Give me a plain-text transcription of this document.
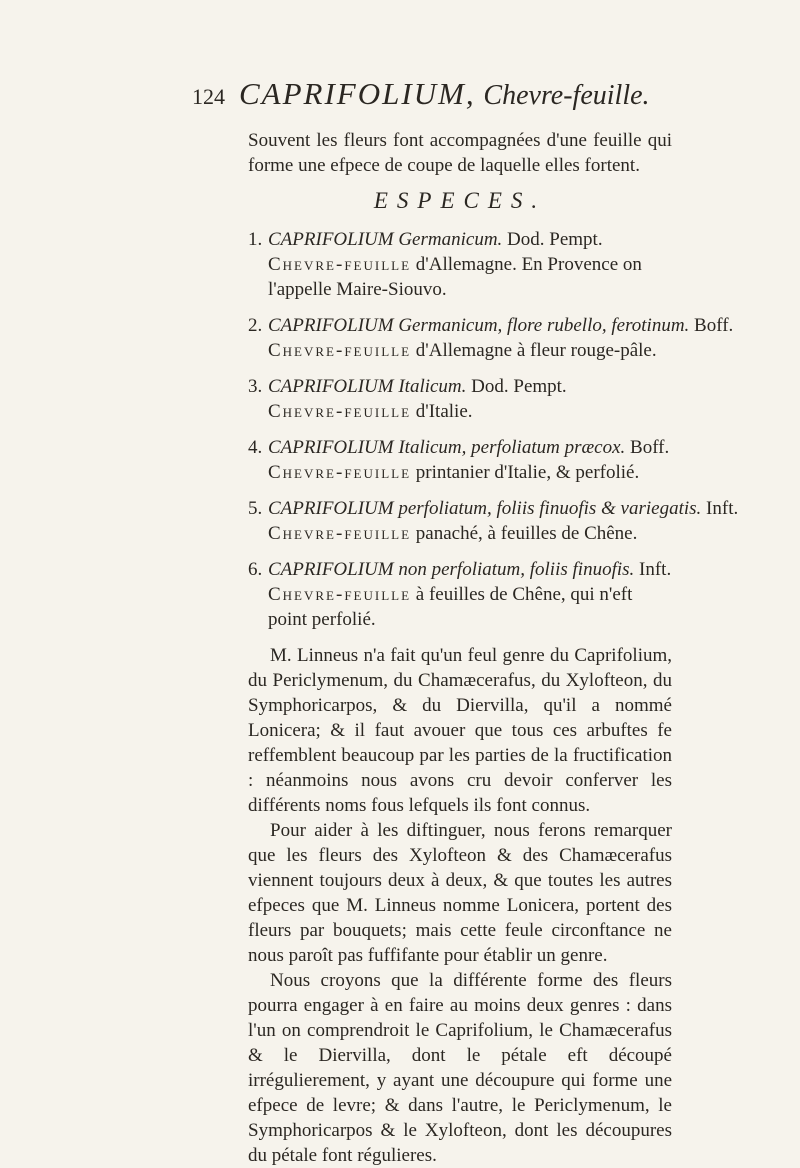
124 CAPRIFOLIUM, Chevre-feuille.

Souvent les fleurs font accompagnées d'une feuille qui forme une efpece de coupe de laquelle elles fortent.

ESPECES.
1. CAPRIFOLIUM Germanicum. Dod. Pempt.
Chevre-feuille d'Allemagne. En Provence on l'appelle Maire-Siouvo.
2. CAPRIFOLIUM Germanicum, flore rubello, ferotinum. Boff.
Chevre-feuille d'Allemagne à fleur rouge-pâle.
3. CAPRIFOLIUM Italicum. Dod. Pempt.
Chevre-feuille d'Italie.
4. CAPRIFOLIUM Italicum, perfoliatum præcox. Boff.
Chevre-feuille printanier d'Italie, & perfolié.
5. CAPRIFOLIUM perfoliatum, foliis finuofis & variegatis. Inft.
Chevre-feuille panaché, à feuilles de Chêne.
6. CAPRIFOLIUM non perfoliatum, foliis finuofis. Inft.
Chevre-feuille à feuilles de Chêne, qui n'eft point perfolié.

M. Linneus n'a fait qu'un feul genre du Caprifolium, du Periclymenum, du Chamæcerafus, du Xylofteon, du Symphoricarpos, & du Diervilla, qu'il a nommé Lonicera; & il faut avouer que tous ces arbuftes fe reffemblent beaucoup par les parties de la fructification : néanmoins nous avons cru devoir conferver les différents noms fous lefquels ils font connus.

Pour aider à les diftinguer, nous ferons remarquer que les fleurs des Xylofteon & des Chamæcerafus viennent toujours deux à deux, & que toutes les autres efpeces que M. Linneus nomme Lonicera, portent des fleurs par bouquets; mais cette feule circonftance ne nous paroît pas fuffifante pour établir un genre.

Nous croyons que la différente forme des fleurs pourra engager à en faire au moins deux genres : dans l'un on comprendroit le Caprifolium, le Chamæcerafus & le Diervilla, dont le pétale eft découpé irrégulierement, y ayant une découpure qui forme une efpece de levre; & dans l'autre, le Periclymenum, le Symphoricarpos & le Xylofteon, dont les découpures du pétale font régulieres.
